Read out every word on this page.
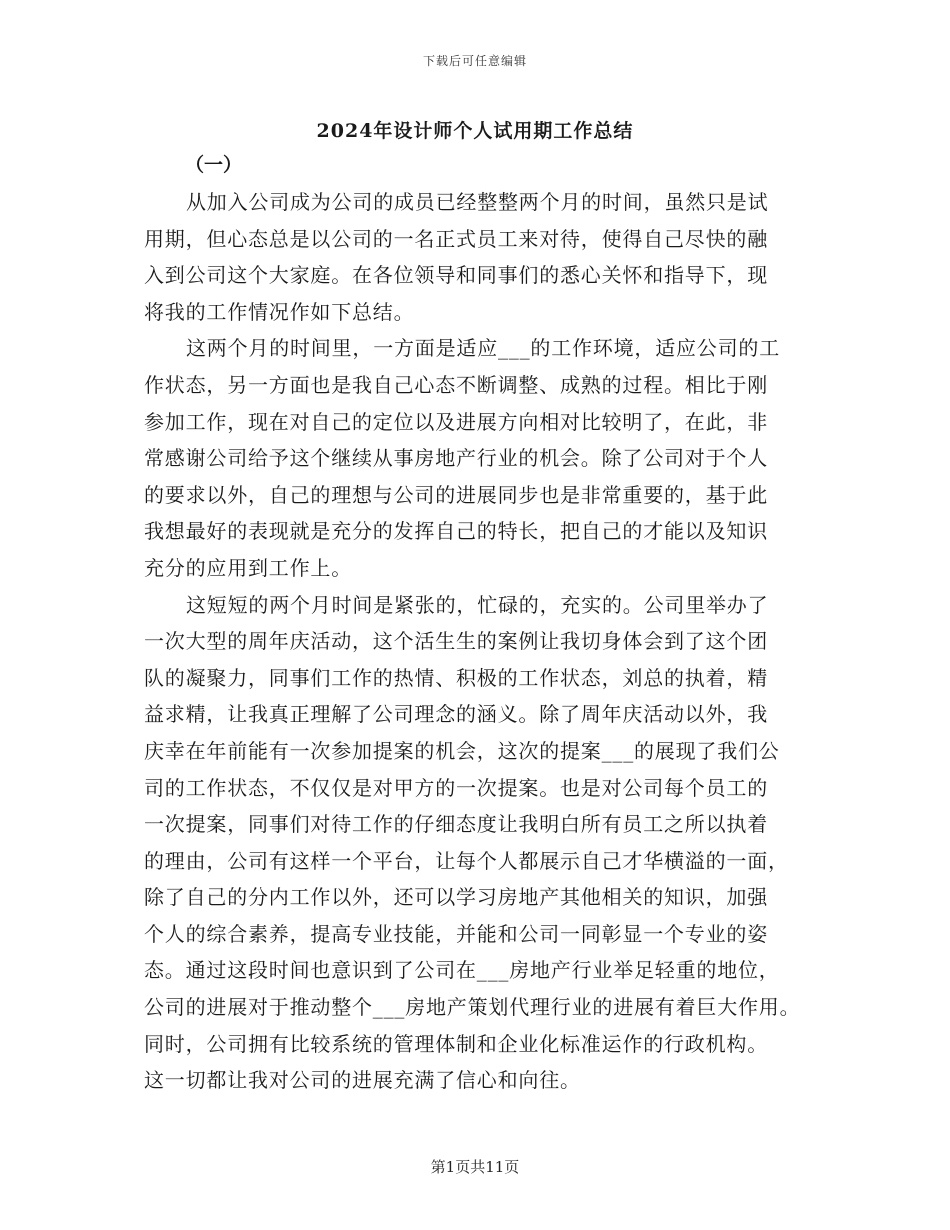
下载后可任意编辑
2024年设计师个人试用期工作总结
（一）
从加入公司成为公司的成员已经整整两个月的时间，虽然只是试
用期，但心态总是以公司的一名正式员工来对待，使得自己尽快的融
入到公司这个大家庭。在各位领导和同事们的悉心关怀和指导下，现
将我的工作情况作如下总结。
这两个月的时间里，一方面是适应___的工作环境，适应公司的工
作状态，另一方面也是我自己心态不断调整、成熟的过程。相比于刚
参加工作，现在对自己的定位以及进展方向相对比较明了，在此，非
常感谢公司给予这个继续从事房地产行业的机会。除了公司对于个人
的要求以外，自己的理想与公司的进展同步也是非常重要的，基于此
我想最好的表现就是充分的发挥自己的特长，把自己的才能以及知识
充分的应用到工作上。
这短短的两个月时间是紧张的，忙碌的，充实的。公司里举办了
一次大型的周年庆活动，这个活生生的案例让我切身体会到了这个团
队的凝聚力，同事们工作的热情、积极的工作状态，刘总的执着，精
益求精，让我真正理解了公司理念的涵义。除了周年庆活动以外，我
庆幸在年前能有一次参加提案的机会，这次的提案___的展现了我们公
司的工作状态，不仅仅是对甲方的一次提案。也是对公司每个员工的
一次提案，同事们对待工作的仔细态度让我明白所有员工之所以执着
的理由，公司有这样一个平台，让每个人都展示自己才华横溢的一面，
除了自己的分内工作以外，还可以学习房地产其他相关的知识，加强
个人的综合素养，提高专业技能，并能和公司一同彰显一个专业的姿
态。通过这段时间也意识到了公司在___房地产行业举足轻重的地位，
公司的进展对于推动整个___房地产策划代理行业的进展有着巨大作用。
同时，公司拥有比较系统的管理体制和企业化标准运作的行政机构。
这一切都让我对公司的进展充满了信心和向往。
第1页共11页
